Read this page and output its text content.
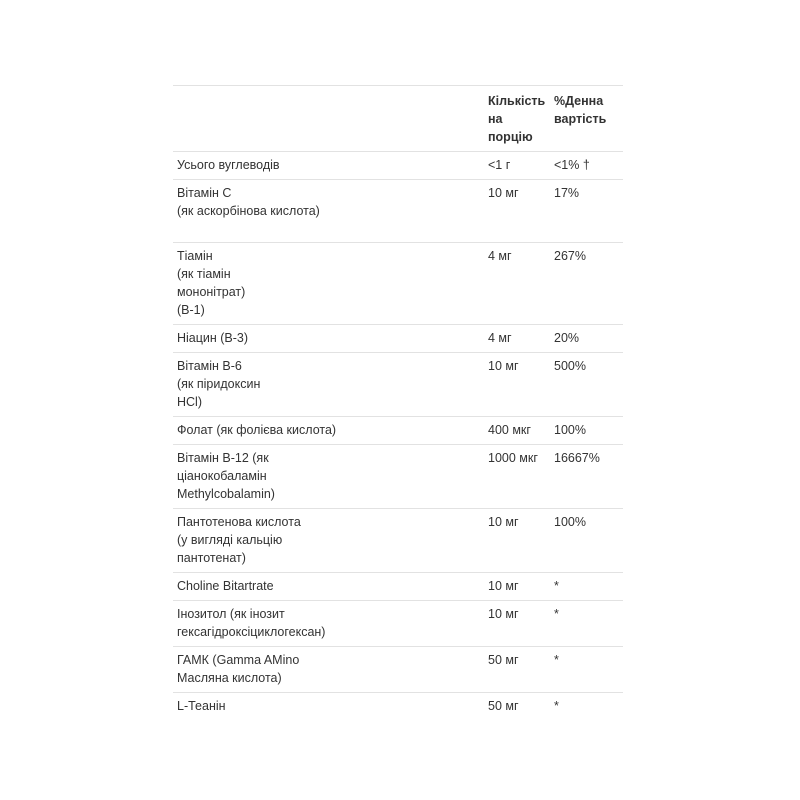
	Кількість
на
порцію	%Денна
вартість
Усього вуглеводів	<1 г	<1% †
Вітамін С
(як аскорбінова кислота)	10 мг	17%
Тіамін
(як тіамін
мононітрат)
(В-1)	4 мг	267%
Ніацин (В-3)	4 мг	20%
Вітамін В-6
(як піридоксин
HCl)	10 мг	500%
Фолат (як фолієва кислота)	400 мкг	100%
Вітамін В-12 (як
ціанокобаламін
Methylcobalamin)	1000 мкг	16667%
Пантотенова кислота
(у вигляді кальцію
пантотенат)	10 мг	100%
Choline Bitartrate	10 мг	*
Інозитол (як інозит
гексагідроксіциклогексан)	10 мг	*
ГАМК (Gamma AMino
Масляна кислота)	50 мг	*
L-Теанін	50 мг	*
